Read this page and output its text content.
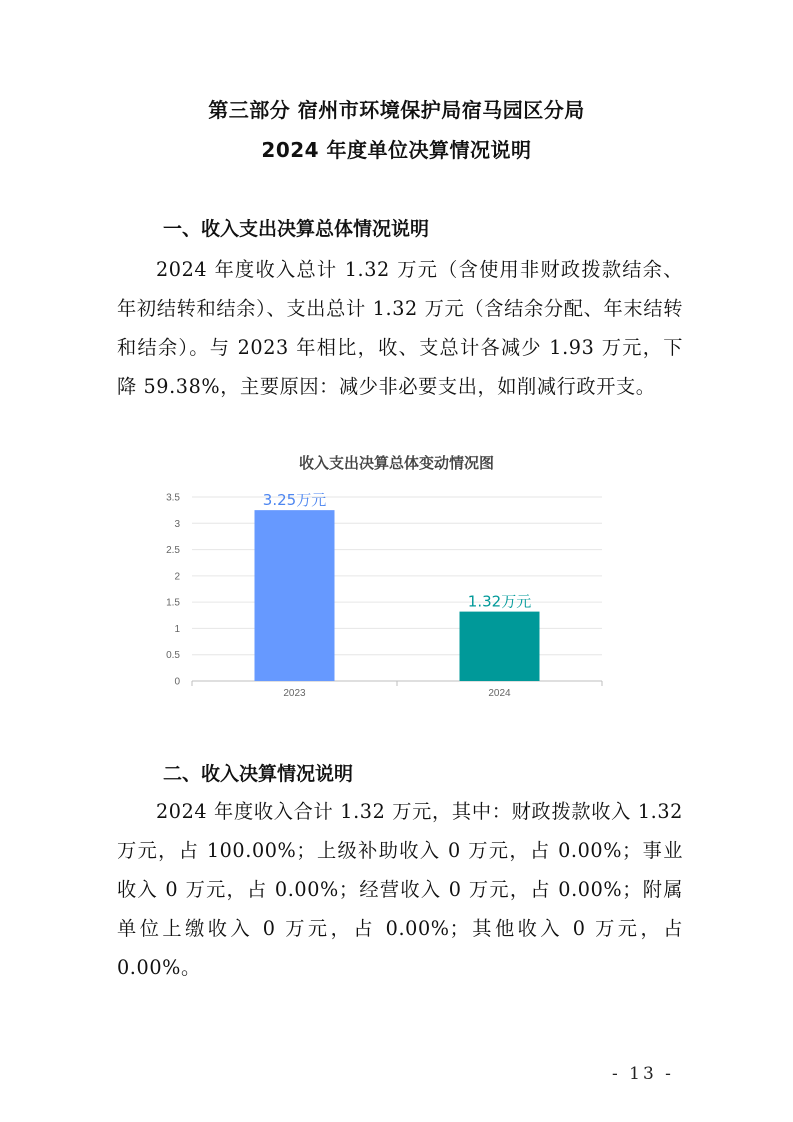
第三部分 宿州市环境保护局宿马园区分局
2024 年度单位决算情况说明
一、收入支出决算总体情况说明
2024 年度收入总计 1.32 万元（含使用非财政拨款结余、年初结转和结余）、支出总计 1.32 万元（含结余分配、年末结转和结余）。与 2023 年相比，收、支总计各减少 1.93 万元，下降 59.38%，主要原因：减少非必要支出，如削减行政开支。
收入支出决算总体变动情况图
0
0.5
1
1.5
2
2.5
3
3.5	3.25万元
2023
1.32万元
2024
二、收入决算情况说明
2024 年度收入合计 1.32 万元，其中：财政拨款收入 1.32 万元，占 100.00%；上级补助收入 0 万元，占 0.00%；事业收入 0 万元，占 0.00%；经营收入 0 万元，占 0.00%；附属单位上缴收入 0 万元，占 0.00%；其他收入 0 万元，占 0.00%。
- 13 -
